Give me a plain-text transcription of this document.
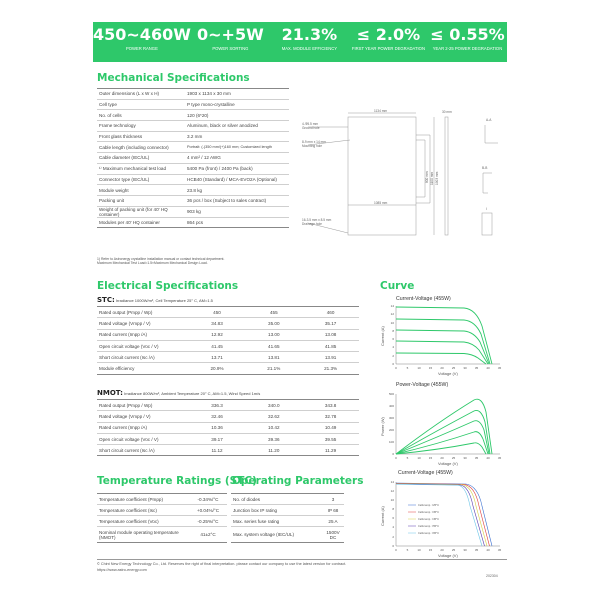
450~460W
POWER RANGE
0~+5W
POWER SORTING
21.3%
MAX. MODULE EFFICIENCY
≤ 2.0%
FIRST YEAR POWER DEGRADATION
≤ 0.55%
YEAR 2-25 POWER DEGRADATION
Mechanical Specifications
Outer dimensions (L x W x H)	1903 x 1134 x 30 mm
Cell type	P type mono-crystalline
No. of cells	120 (6*20)
Frame technology	Aluminum, black or silver anodized
Front glass thickness	3.2 mm
Cable length (including connector)	Portrait: (-)350 mm/(+)160 mm; Customized length
Cable diameter (IEC/UL)	4 mm² / 12 AWG
¹⁾ Maximum mechanical test load	5400 Pa (front) / 2400 Pa (back)
Connector type (IEC/UL)	HCB40 (Standard) / MCA-EVO2A (Optional)
Module weight	23.8 kg
Packing unit	36 pcs / box (Subject to sales contract)
Weight of packing unit (for 40' HQ container)	903 kg
Modules per 40' HQ container	864 pcs
1) Refer to Astronergy crystalline installation manual or contact technical department.
Maximum Mechanical Test Load=1.5×Maximum Mechanical Design Load.
1134 mm
1085 mm
4-Φ5.5 mm
Ground hole
8-9 mm x 14 mm
Mounting hole
16-3.5 mm x 8.5 mm
Drainage hole
30 mm
A-A
B-B
I
800 mm 1100 mm 1903 mm
Electrical Specifications
STC: Irradiance 1000W/m², Cell Temperature 25° C, AM=1.5
Rated output (Pmpp / Wp)	450	455	460
Rated voltage (Vmpp / V)	34.83	35.00	35.17
Rated current (Impp /A)	12.92	13.00	13.08
Open circuit voltage (Voc / V)	41.45	41.65	41.85
Short circuit current (Isc /A)	13.71	13.81	13.91
Module efficiency	20.9%	21.1%	21.3%
NMOT: Irradiance 800W/m², Ambient Temperature 20° C, AM=1.5, Wind Speed 1m/s
Rated output (Pmpp / Wp)	336.3	340.0	343.8
Rated voltage (Vmpp / V)	32.46	32.62	32.78
Rated current (Impp /A)	10.36	10.42	10.49
Open circuit voltage (Voc / V)	39.17	39.36	39.55
Short circuit current (Isc /A)	11.12	11.20	11.29
Temperature Ratings (STC)
Operating Parameters
Temperature coefficient (Pmpp)	-0.34%/°C
Temperature coefficient (Isc)	+0.04%/°C
Temperature coefficient (Voc)	-0.25%/°C
Nominal module operating temperature (NMOT)	41±2°C
No. of diodes	3
Junction box IP rating	IP 68
Max. series fuse rating	25 A
Max. system voltage (IEC/UL)	1500V DC
Curve
Current-Voltage (455W)
0
2
4
6
8
10
12
14
0	5	10	15	20	25	30	35	40	45
Voltage (V)
Current (A)
Power-Voltage (455W)
0
100
200
300
400
500
0	5	10	15	20	25	30	35	40	45
Voltage (V)
Power (W)
Current-Voltage (455W)
0
2
4
6
8
10
12
14
0	5	10	15	20	25	30	35	40	45
Voltage (V)
Current (A)
Cells temp. =25°C
Cells temp. =35°C
Cells temp. =45°C
Cells temp. =55°C
Cells temp. =65°C
© Chint New Energy Technology Co., Ltd. Reserves the right of final interpretation. please contact our company to use the latest version for contract.
https://www.astro-energy.com
202304
